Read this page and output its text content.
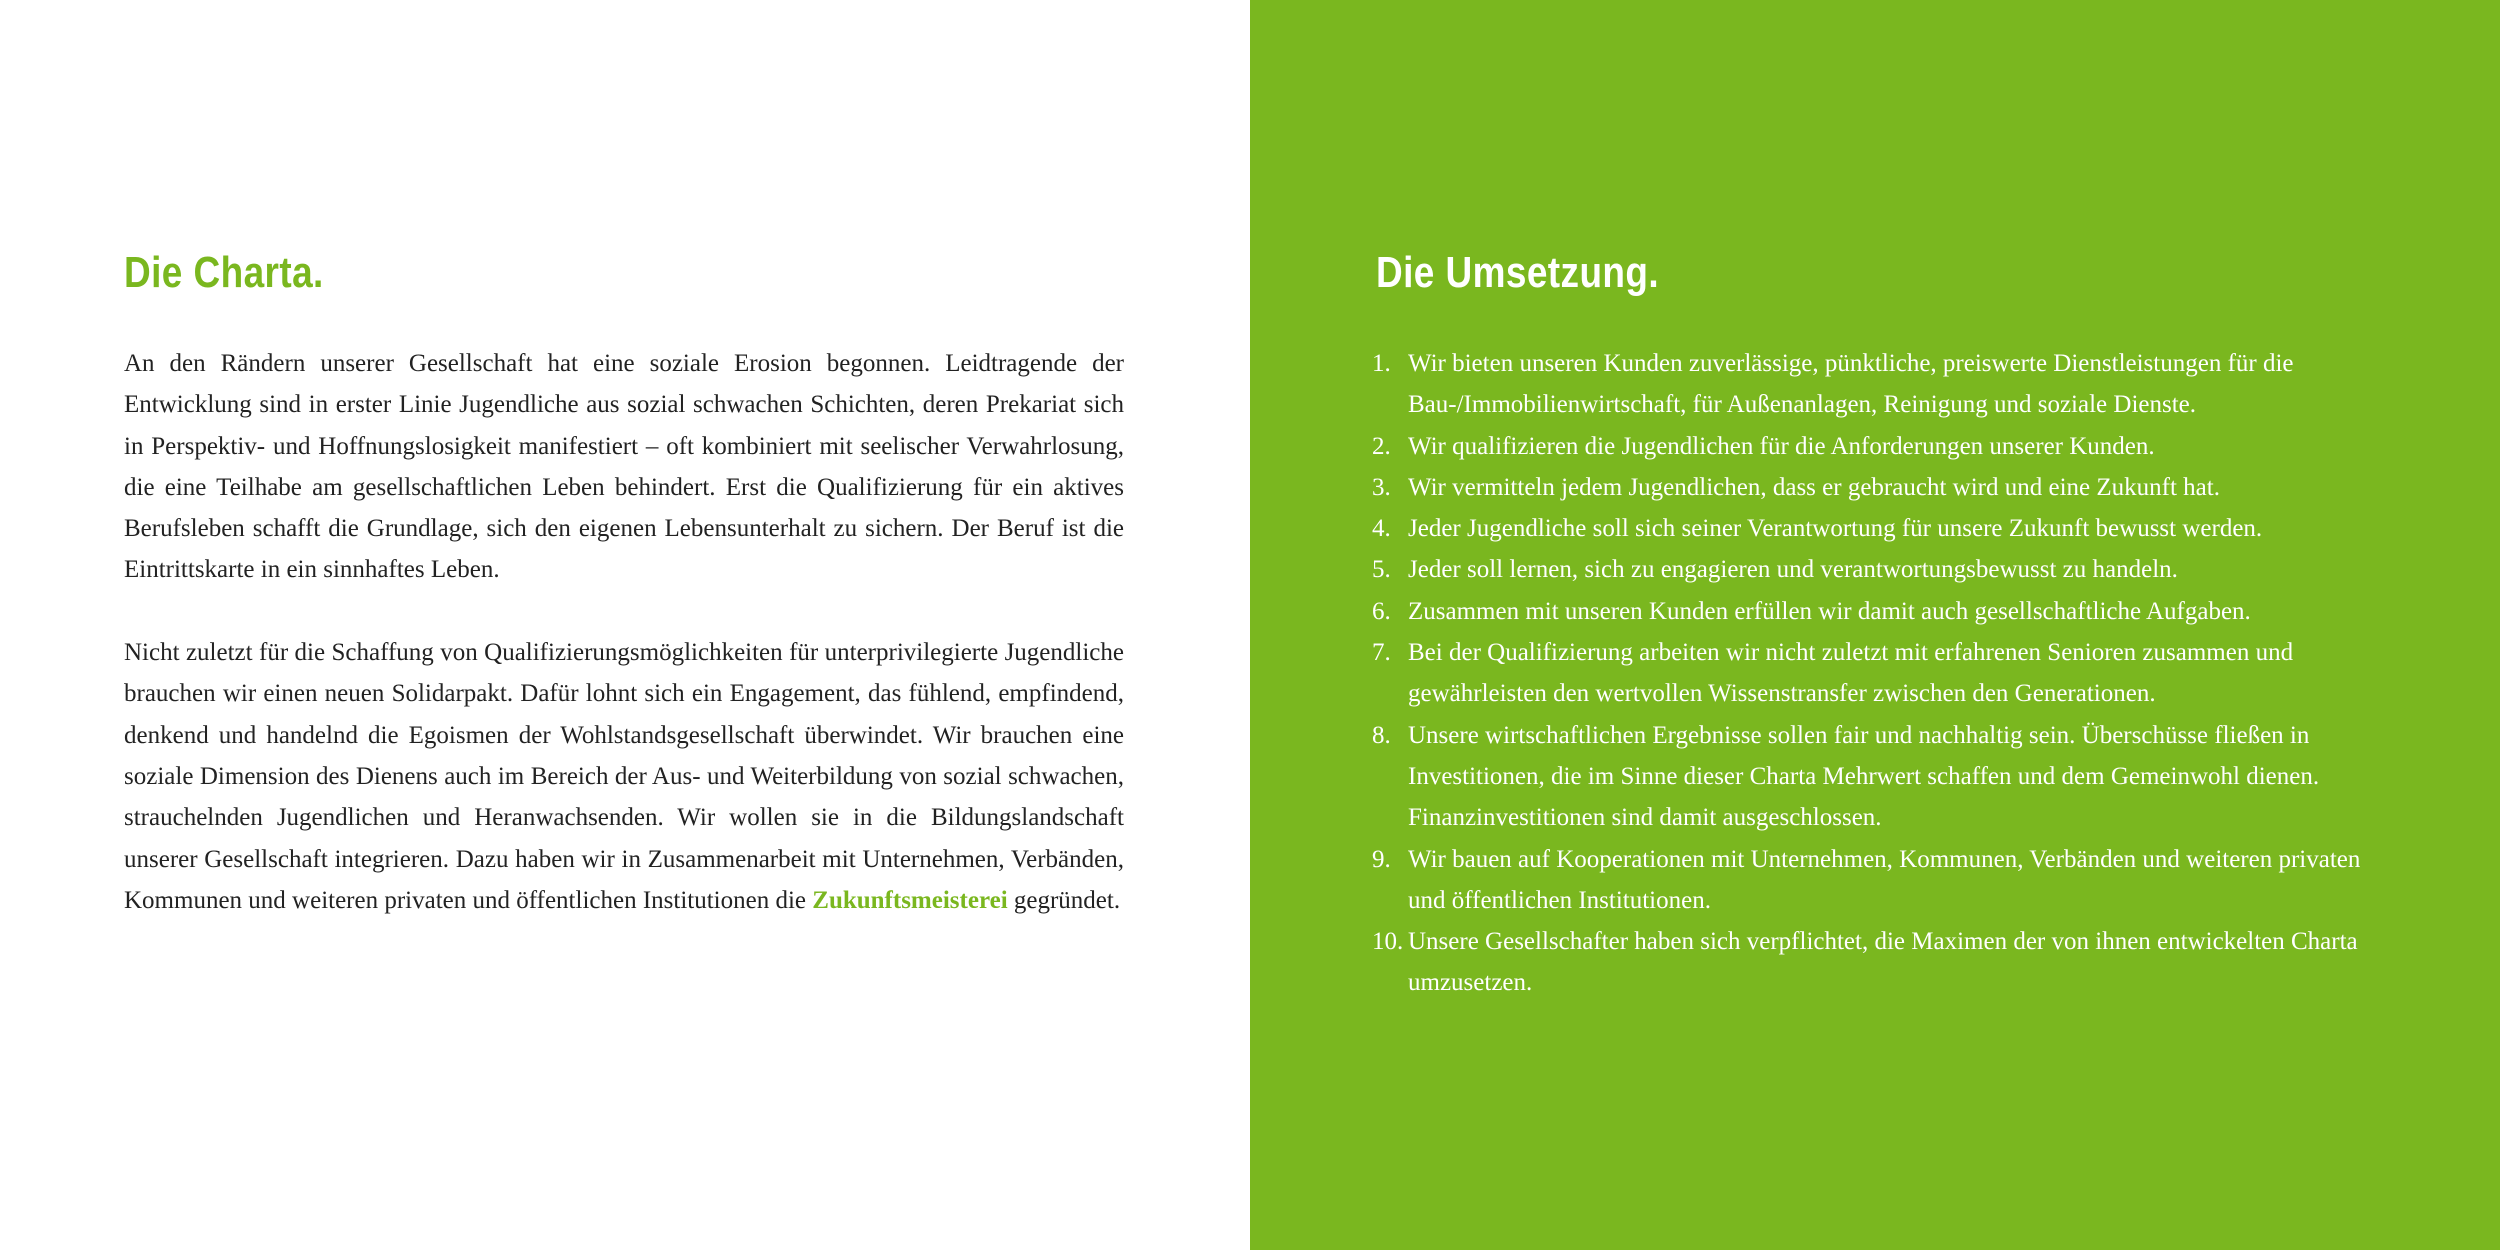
Die Charta.

An den Rändern unserer Gesellschaft hat eine soziale Erosion begonnen. Leidtragende der Entwicklung sind in erster Linie Jugendliche aus sozial schwachen Schichten, deren Prekariat sich in Perspektiv- und Hoffnungslosigkeit manifestiert – oft kombiniert mit seelischer Verwahrlosung, die eine Teilhabe am gesellschaftlichen Leben behindert. Erst die Qualifizierung für ein aktives Berufsleben schafft die Grundlage, sich den eigenen Lebensunterhalt zu sichern. Der Beruf ist die Eintrittskarte in ein sinnhaftes Leben.

Nicht zuletzt für die Schaffung von Qualifizierungsmöglichkeiten für unterprivilegierte Jugendliche brauchen wir einen neuen Solidarpakt. Dafür lohnt sich ein Engagement, das fühlend, empfindend, denkend und handelnd die Egoismen der Wohlstandsgesellschaft überwindet. Wir brauchen eine soziale Dimension des Dienens auch im Bereich der Aus- und Weiterbildung von sozial schwachen, strauchelnden Jugendlichen und Heranwachsenden. Wir wollen sie in die Bildungslandschaft unserer Gesellschaft integrieren. Dazu haben wir in Zusammenarbeit mit Unternehmen, Verbänden, Kommunen und weiteren privaten und öffentlichen Institutionen die Zukunftsmeisterei gegründet.

Die Umsetzung.
1. Wir bieten unseren Kunden zuverlässige, pünktliche, preiswerte Dienstleistungen für die Bau-/Immobilienwirtschaft, für Außenanlagen, Reinigung und soziale Dienste.
2. Wir qualifizieren die Jugendlichen für die Anforderungen unserer Kunden.
3. Wir vermitteln jedem Jugendlichen, dass er gebraucht wird und eine Zukunft hat.
4. Jeder Jugendliche soll sich seiner Verantwortung für unsere Zukunft bewusst werden.
5. Jeder soll lernen, sich zu engagieren und verantwortungsbewusst zu handeln.
6. Zusammen mit unseren Kunden erfüllen wir damit auch gesellschaftliche Aufgaben.
7. Bei der Qualifizierung arbeiten wir nicht zuletzt mit erfahrenen Senioren zusammen und gewährleisten den wertvollen Wissenstransfer zwischen den Generationen.
8. Unsere wirtschaftlichen Ergebnisse sollen fair und nachhaltig sein. Überschüsse fließen in Investitionen, die im Sinne dieser Charta Mehrwert schaffen und dem Gemeinwohl dienen. Finanzinvestitionen sind damit ausgeschlossen.
9. Wir bauen auf Kooperationen mit Unternehmen, Kommunen, Verbänden und weiteren privaten und öffentlichen Institutionen.
10. Unsere Gesellschafter haben sich verpflichtet, die Maximen der von ihnen entwickelten Charta umzusetzen.
